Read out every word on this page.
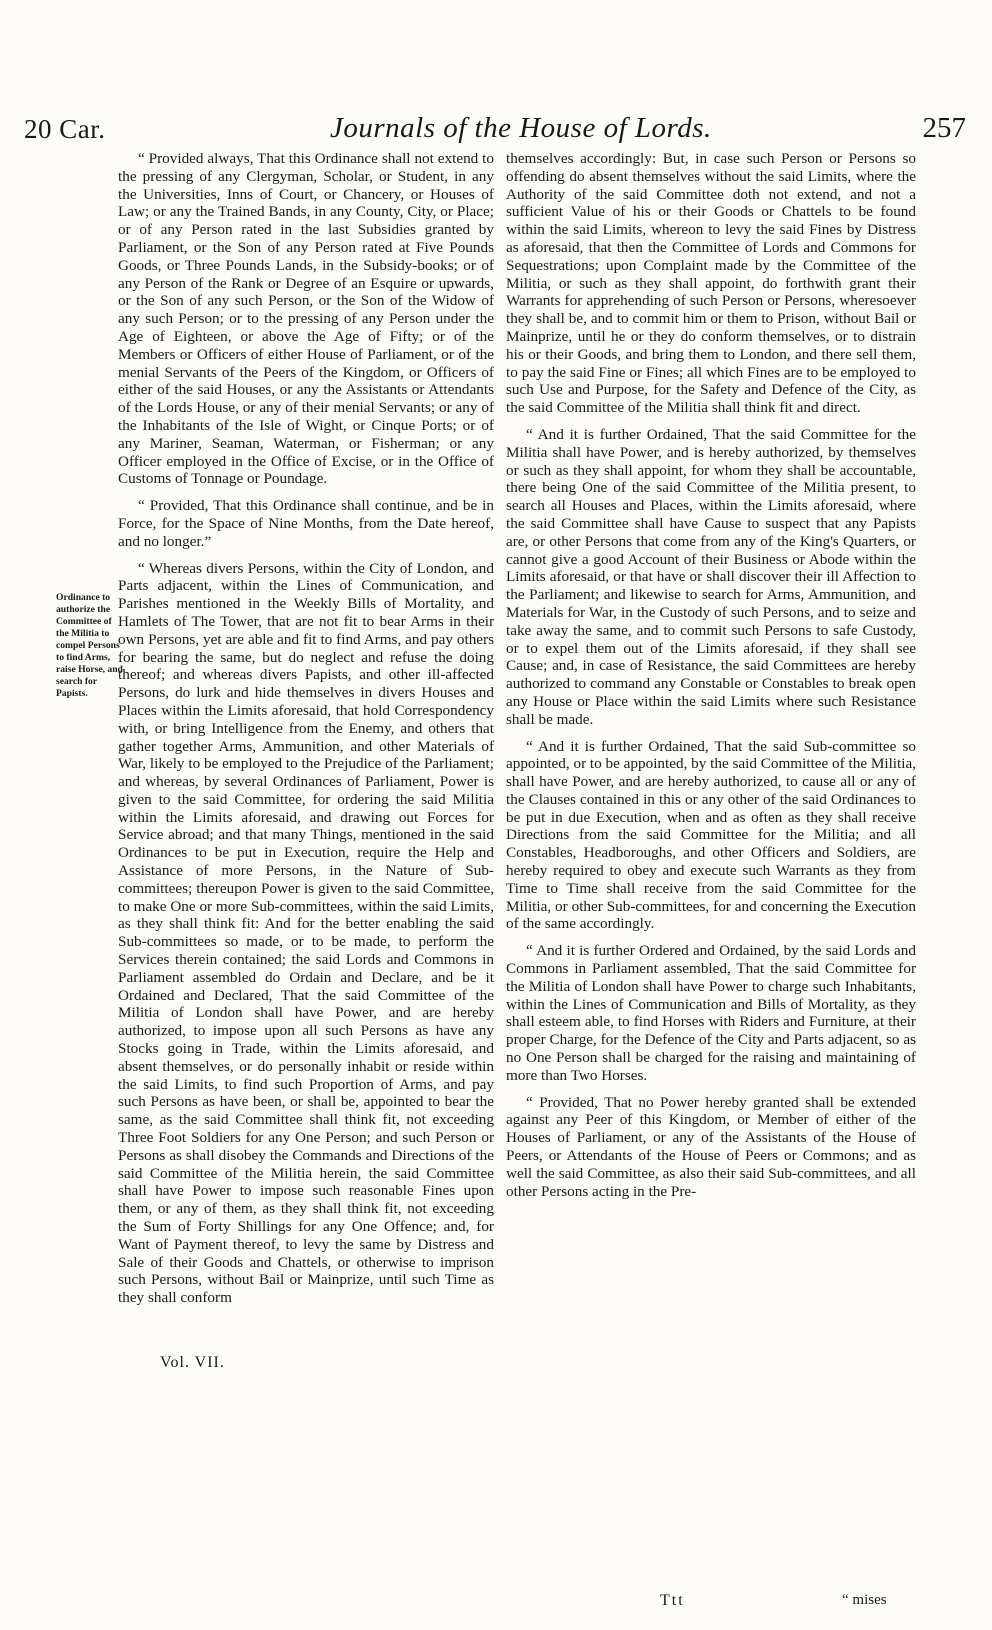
20 Car.	Journals of the House of Lords.	257
Ordinance to authorize the Committee of the Militia to compel Persons to find Arms, raise Horse, and search for Papists.

“ Provided always, That this Ordinance shall not extend to the pressing of any Clergyman, Scholar, or Student, in any the Universities, Inns of Court, or Chancery, or Houses of Law; or any the Trained Bands, in any County, City, or Place; or of any Person rated in the last Subsidies granted by Parliament, or the Son of any Person rated at Five Pounds Goods, or Three Pounds Lands, in the Subsidy-books; or of any Person of the Rank or Degree of an Esquire or upwards, or the Son of any such Person, or the Son of the Widow of any such Person; or to the pressing of any Person under the Age of Eighteen, or above the Age of Fifty; or of the Members or Officers of either House of Parliament, or of the menial Servants of the Peers of the Kingdom, or Officers of either of the said Houses, or any the Assistants or Attendants of the Lords House, or any of their menial Servants; or any of the Inhabitants of the Isle of Wight, or Cinque Ports; or of any Mariner, Seaman, Waterman, or Fisherman; or any Officer employed in the Office of Excise, or in the Office of Customs of Tonnage or Poundage.

“ Provided, That this Ordinance shall continue, and be in Force, for the Space of Nine Months, from the Date hereof, and no longer.”

“ Whereas divers Persons, within the City of London, and Parts adjacent, within the Lines of Communication, and Parishes mentioned in the Weekly Bills of Mortality, and Hamlets of The Tower, that are not fit to bear Arms in their own Persons, yet are able and fit to find Arms, and pay others for bearing the same, but do neglect and refuse the doing thereof; and whereas divers Papists, and other ill-affected Persons, do lurk and hide themselves in divers Houses and Places within the Limits aforesaid, that hold Correspondency with, or bring Intelligence from the Enemy, and others that gather together Arms, Ammunition, and other Materials of War, likely to be employed to the Prejudice of the Parliament; and whereas, by several Ordinances of Parliament, Power is given to the said Committee, for ordering the said Militia within the Limits aforesaid, and drawing out Forces for Service abroad; and that many Things, mentioned in the said Ordinances to be put in Execution, require the Help and Assistance of more Persons, in the Nature of Sub-committees; thereupon Power is given to the said Committee, to make One or more Sub-committees, within the said Limits, as they shall think fit: And for the better enabling the said Sub-committees so made, or to be made, to perform the Services therein contained; the said Lords and Commons in Parliament assembled do Ordain and Declare, and be it Ordained and Declared, That the said Committee of the Militia of London shall have Power, and are hereby authorized, to impose upon all such Persons as have any Stocks going in Trade, within the Limits aforesaid, and absent themselves, or do personally inhabit or reside within the said Limits, to find such Proportion of Arms, and pay such Persons as have been, or shall be, appointed to bear the same, as the said Committee shall think fit, not exceeding Three Foot Soldiers for any One Person; and such Person or Persons as shall disobey the Commands and Directions of the said Committee of the Militia herein, the said Committee shall have Power to impose such reasonable Fines upon them, or any of them, as they shall think fit, not exceeding the Sum of Forty Shillings for any One Offence; and, for Want of Payment thereof, to levy the same by Distress and Sale of their Goods and Chattels, or otherwise to imprison such Persons, without Bail or Mainprize, until such Time as they shall conform

themselves accordingly: But, in case such Person or Persons so offending do absent themselves without the said Limits, where the Authority of the said Committee doth not extend, and not a sufficient Value of his or their Goods or Chattels to be found within the said Limits, whereon to levy the said Fines by Distress as aforesaid, that then the Committee of Lords and Commons for Sequestrations; upon Complaint made by the Committee of the Militia, or such as they shall appoint, do forthwith grant their Warrants for apprehending of such Person or Persons, wheresoever they shall be, and to commit him or them to Prison, without Bail or Mainprize, until he or they do conform themselves, or to distrain his or their Goods, and bring them to London, and there sell them, to pay the said Fine or Fines; all which Fines are to be employed to such Use and Purpose, for the Safety and Defence of the City, as the said Committee of the Militia shall think fit and direct.

“ And it is further Ordained, That the said Committee for the Militia shall have Power, and is hereby authorized, by themselves or such as they shall appoint, for whom they shall be accountable, there being One of the said Committee of the Militia present, to search all Houses and Places, within the Limits aforesaid, where the said Committee shall have Cause to suspect that any Papists are, or other Persons that come from any of the King's Quarters, or cannot give a good Account of their Business or Abode within the Limits aforesaid, or that have or shall discover their ill Affection to the Parliament; and likewise to search for Arms, Ammunition, and Materials for War, in the Custody of such Persons, and to seize and take away the same, and to commit such Persons to safe Custody, or to expel them out of the Limits aforesaid, if they shall see Cause; and, in case of Resistance, the said Committees are hereby authorized to command any Constable or Constables to break open any House or Place within the said Limits where such Resistance shall be made.

“ And it is further Ordained, That the said Sub-committee so appointed, or to be appointed, by the said Committee of the Militia, shall have Power, and are hereby authorized, to cause all or any of the Clauses contained in this or any other of the said Ordinances to be put in due Execution, when and as often as they shall receive Directions from the said Committee for the Militia; and all Constables, Headboroughs, and other Officers and Soldiers, are hereby required to obey and execute such Warrants as they from Time to Time shall receive from the said Committee for the Militia, or other Sub-committees, for and concerning the Execution of the same accordingly.

“ And it is further Ordered and Ordained, by the said Lords and Commons in Parliament assembled, That the said Committee for the Militia of London shall have Power to charge such Inhabitants, within the Lines of Communication and Bills of Mortality, as they shall esteem able, to find Horses with Riders and Furniture, at their proper Charge, for the Defence of the City and Parts adjacent, so as no One Person shall be charged for the raising and maintaining of more than Two Horses.

“ Provided, That no Power hereby granted shall be extended against any Peer of this Kingdom, or Member of either of the Houses of Parliament, or any of the Assistants of the House of Peers, or Attendants of the House of Peers or Commons; and as well the said Committee, as also their said Sub-committees, and all other Persons acting in the Pre-

Vol. VII.
Ttt	“ mises
